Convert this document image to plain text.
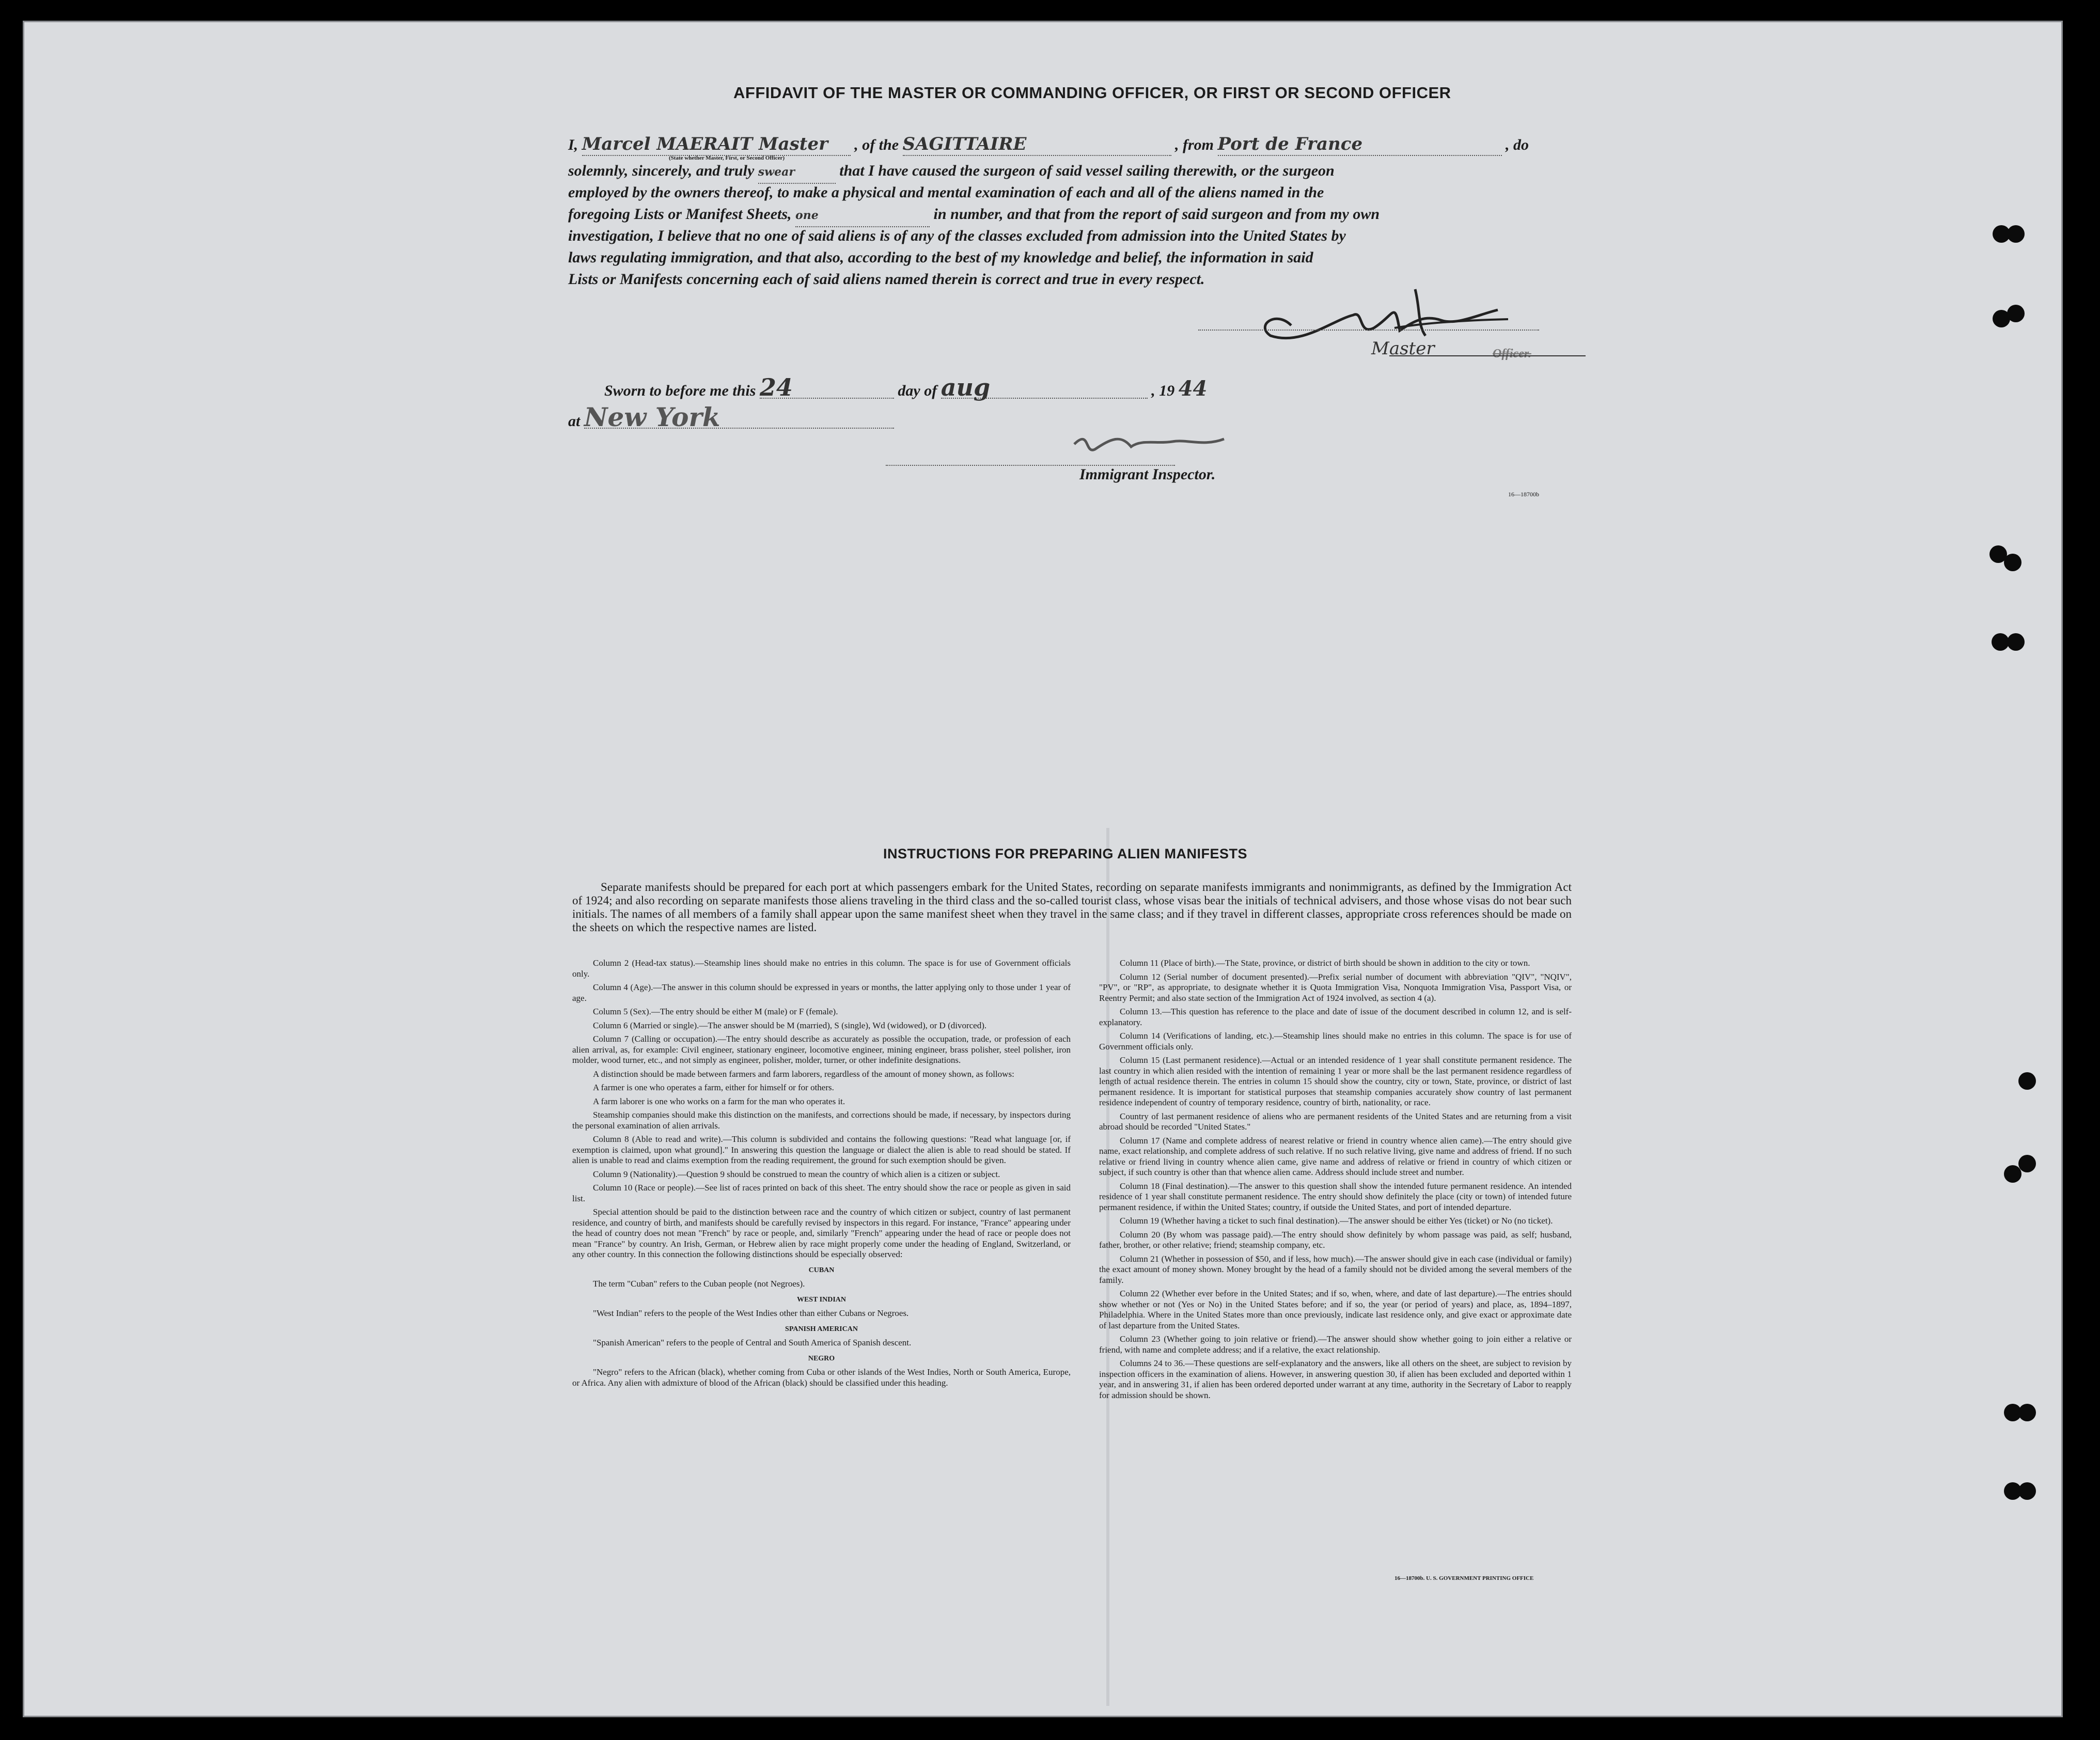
AFFIDAVIT OF THE MASTER OR COMMANDING OFFICER, OR FIRST OR SECOND OFFICER
I, Marcel MAERAIT Master , of the SAGITTAIRE	, from Port de France	, do
(State whether Master, First, or Second Officer)
solemnly, sincerely, and truly swear	that I have caused the surgeon of said vessel sailing therewith, or the surgeon
employed by the owners thereof, to make a physical and mental examination of each and all of the aliens named in the
foregoing Lists or Manifest Sheets, one	in number, and that from the report of said surgeon and from my own
investigation, I believe that no one of said aliens is of any of the classes excluded from admission into the United States by
laws regulating immigration, and that also, according to the best of my knowledge and belief, the information in said
Lists or Manifests concerning each of said aliens named therein is correct and true in every respect.
Master	Officer.
Sworn to before me this 24	day of aug	, 19 44
at New York
Immigrant Inspector.
16—18700b
INSTRUCTIONS FOR PREPARING ALIEN MANIFESTS
Separate manifests should be prepared for each port at which passengers embark for the United States, recording on separate manifests immigrants and nonimmigrants, as defined by the Immigration Act of 1924; and also recording on separate manifests those aliens traveling in the third class and the so-called tourist class, whose visas bear the initials of technical advisers, and those whose visas do not bear such initials. The names of all members of a family shall appear upon the same manifest sheet when they travel in the same class; and if they travel in different classes, appropriate cross references should be made on the sheets on which the respective names are listed.

Column 2 (Head-tax status).—Steamship lines should make no entries in this column. The space is for use of Government officials only.

Column 4 (Age).—The answer in this column should be expressed in years or months, the latter applying only to those under 1 year of age.

Column 5 (Sex).—The entry should be either M (male) or F (female).

Column 6 (Married or single).—The answer should be M (married), S (single), Wd (widowed), or D (divorced).

Column 7 (Calling or occupation).—The entry should describe as accurately as possible the occupation, trade, or profession of each alien arrival, as, for example: Civil engineer, stationary engineer, locomotive engineer, mining engineer, brass polisher, steel polisher, iron molder, wood turner, etc., and not simply as engineer, polisher, molder, turner, or other indefinite designations.

A distinction should be made between farmers and farm laborers, regardless of the amount of money shown, as follows:

A farmer is one who operates a farm, either for himself or for others.

A farm laborer is one who works on a farm for the man who operates it.

Steamship companies should make this distinction on the manifests, and corrections should be made, if necessary, by inspectors during the personal examination of alien arrivals.

Column 8 (Able to read and write).—This column is subdivided and contains the following questions: "Read what language [or, if exemption is claimed, upon what ground]." In answering this question the language or dialect the alien is able to read should be stated. If alien is unable to read and claims exemption from the reading requirement, the ground for such exemption should be given.

Column 9 (Nationality).—Question 9 should be construed to mean the country of which alien is a citizen or subject.

Column 10 (Race or people).—See list of races printed on back of this sheet. The entry should show the race or people as given in said list.

Special attention should be paid to the distinction between race and the country of which citizen or subject, country of last permanent residence, and country of birth, and manifests should be carefully revised by inspectors in this regard. For instance, "France" appearing under the head of country does not mean "French" by race or people, and, similarly "French" appearing under the head of race or people does not mean "France" by country. An Irish, German, or Hebrew alien by race might properly come under the heading of England, Switzerland, or any other country. In this connection the following distinctions should be especially observed:

CUBAN

The term "Cuban" refers to the Cuban people (not Negroes).

WEST INDIAN

"West Indian" refers to the people of the West Indies other than either Cubans or Negroes.

SPANISH AMERICAN

"Spanish American" refers to the people of Central and South America of Spanish descent.

NEGRO

"Negro" refers to the African (black), whether coming from Cuba or other islands of the West Indies, North or South America, Europe, or Africa. Any alien with admixture of blood of the African (black) should be classified under this heading.

Column 11 (Place of birth).—The State, province, or district of birth should be shown in addition to the city or town.

Column 12 (Serial number of document presented).—Prefix serial number of document with abbreviation "QIV", "NQIV", "PV", or "RP", as appropriate, to designate whether it is Quota Immigration Visa, Nonquota Immigration Visa, Passport Visa, or Reentry Permit; and also state section of the Immigration Act of 1924 involved, as section 4 (a).

Column 13.—This question has reference to the place and date of issue of the document described in column 12, and is self-explanatory.

Column 14 (Verifications of landing, etc.).—Steamship lines should make no entries in this column. The space is for use of Government officials only.

Column 15 (Last permanent residence).—Actual or an intended residence of 1 year shall constitute permanent residence. The last country in which alien resided with the intention of remaining 1 year or more shall be the last permanent residence regardless of length of actual residence therein. The entries in column 15 should show the country, city or town, State, province, or district of last permanent residence. It is important for statistical purposes that steamship companies accurately show country of last permanent residence independent of country of temporary residence, country of birth, nationality, or race.

Country of last permanent residence of aliens who are permanent residents of the United States and are returning from a visit abroad should be recorded "United States."

Column 17 (Name and complete address of nearest relative or friend in country whence alien came).—The entry should give name, exact relationship, and complete address of such relative. If no such relative living, give name and address of friend. If no such relative or friend living in country whence alien came, give name and address of relative or friend in country of which citizen or subject, if such country is other than that whence alien came. Address should include street and number.

Column 18 (Final destination).—The answer to this question shall show the intended future permanent residence. An intended residence of 1 year shall constitute permanent residence. The entry should show definitely the place (city or town) of intended future permanent residence, if within the United States; country, if outside the United States, and port of intended departure.

Column 19 (Whether having a ticket to such final destination).—The answer should be either Yes (ticket) or No (no ticket).

Column 20 (By whom was passage paid).—The entry should show definitely by whom passage was paid, as self; husband, father, brother, or other relative; friend; steamship company, etc.

Column 21 (Whether in possession of $50, and if less, how much).—The answer should give in each case (individual or family) the exact amount of money shown. Money brought by the head of a family should not be divided among the several members of the family.

Column 22 (Whether ever before in the United States; and if so, when, where, and date of last departure).—The entries should show whether or not (Yes or No) in the United States before; and if so, the year (or period of years) and place, as, 1894–1897, Philadelphia. Where in the United States more than once previously, indicate last residence only, and give exact or approximate date of last departure from the United States.

Column 23 (Whether going to join relative or friend).—The answer should show whether going to join either a relative or friend, with name and complete address; and if a relative, the exact relationship.

Columns 24 to 36.—These questions are self-explanatory and the answers, like all others on the sheet, are subject to revision by inspection officers in the examination of aliens. However, in answering question 30, if alien has been excluded and deported within 1 year, and in answering 31, if alien has been ordered deported under warrant at any time, authority in the Secretary of Labor to reapply for admission should be shown.

16—18700b. U. S. GOVERNMENT PRINTING OFFICE
